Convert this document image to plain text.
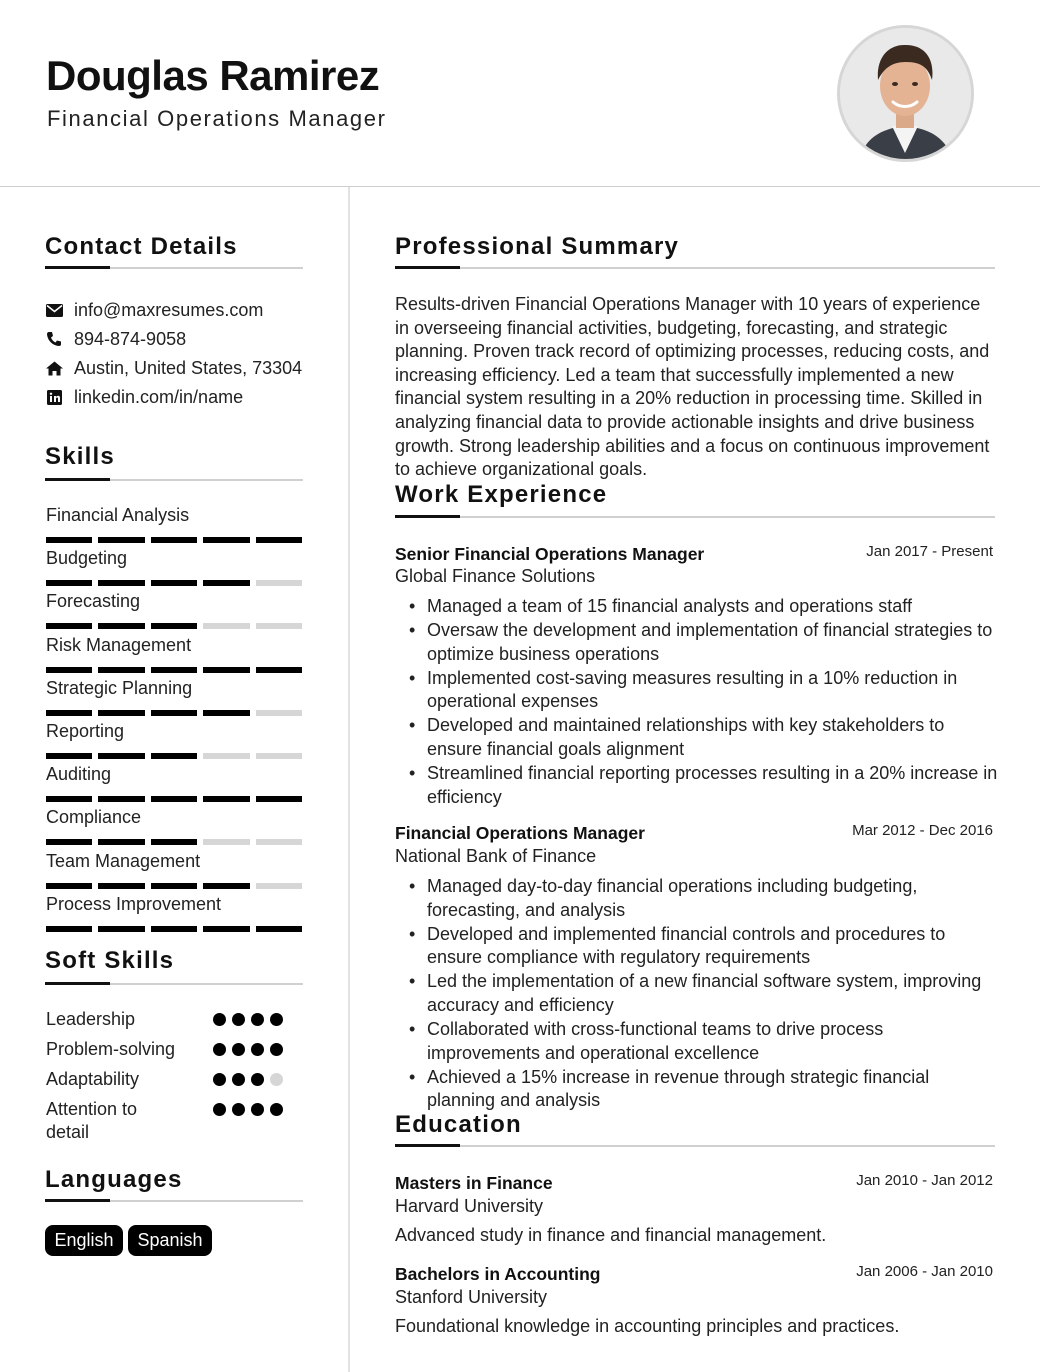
Douglas Ramirez
Financial Operations Manager
Contact Details
info@maxresumes.com
894-874-9058
Austin, United States, 73304
linkedin.com/in/name
Skills
Financial Analysis
Budgeting
Forecasting
Risk Management
Strategic Planning
Reporting
Auditing
Compliance
Team Management
Process Improvement
Soft Skills
Leadership
Problem-solving
Adaptability
Attention to detail
Languages
English	Spanish
Professional Summary
Results-driven Financial Operations Manager with 10 years of experience in overseeing financial activities, budgeting, forecasting, and strategic planning. Proven track record of optimizing processes, reducing costs, and increasing efficiency. Led a team that successfully implemented a new financial system resulting in a 20% reduction in processing time. Skilled in analyzing financial data to provide actionable insights and drive business growth. Strong leadership abilities and a focus on continuous improvement to achieve organizational goals.
Work Experience
Senior Financial Operations Manager	Jan 2017 - Present
Global Finance Solutions
• Managed a team of 15 financial analysts and operations staff
• Oversaw the development and implementation of financial strategies to optimize business operations
• Implemented cost-saving measures resulting in a 10% reduction in operational expenses
• Developed and maintained relationships with key stakeholders to ensure financial goals alignment
• Streamlined financial reporting processes resulting in a 20% increase in efficiency
Financial Operations Manager	Mar 2012 - Dec 2016
National Bank of Finance
• Managed day-to-day financial operations including budgeting, forecasting, and analysis
• Developed and implemented financial controls and procedures to ensure compliance with regulatory requirements
• Led the implementation of a new financial software system, improving accuracy and efficiency
• Collaborated with cross-functional teams to drive process improvements and operational excellence
• Achieved a 15% increase in revenue through strategic financial planning and analysis
Education
Masters in Finance	Jan 2010 - Jan 2012
Harvard University
Advanced study in finance and financial management.
Bachelors in Accounting	Jan 2006 - Jan 2010
Stanford University
Foundational knowledge in accounting principles and practices.
